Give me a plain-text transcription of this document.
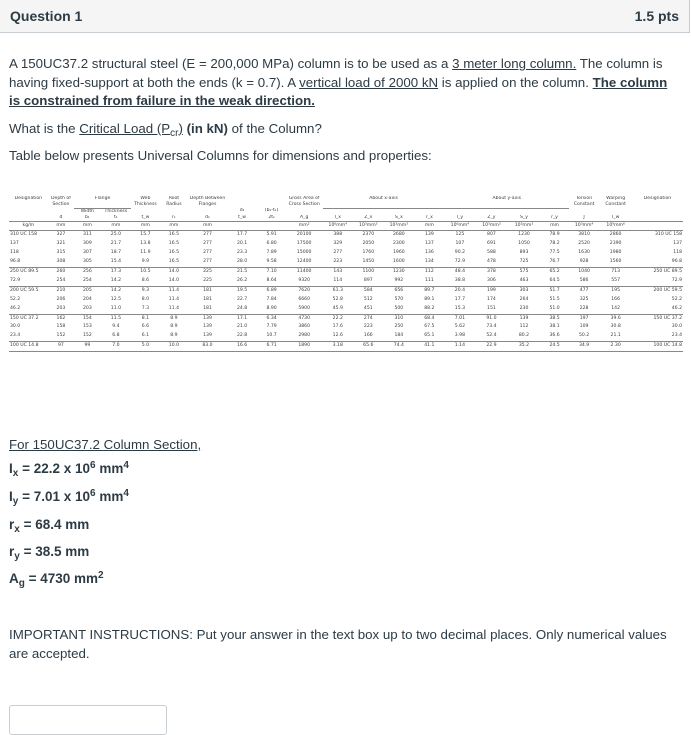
Question 1	1.5 pts

A 150UC37.2 structural steel (E = 200,000 MPa) column is to be used as a 3 meter long column. The column is having fixed-support at both the ends (k = 0.7). A vertical load of 2000 kN is applied on the column. The column is constrained from failure in the weak direction.

What is the Critical Load $(P_{cr})$ (in kN) of the Column?
Table below presents Universal Columns for dimensions and properties:
Designation	Depth of Section	Flange		Web Thickness	Root Radius	Depth Between Flanges			Gross Area of Cross Section	About x-axis				About y-axis				Torsion Constant	Warping Constant	Designation
		Width	Thickness				d₁	(b₁-t₁)												
	d	b₁	t₁	t_w	r₁	d₁	t_w	2t₁	A_g	I_x	Z_x	S_x	r_x	I_y	Z_y	S_y	r_y	J	I_w	
kg/m	mm	mm	mm	mm	mm	mm			mm²	10⁶mm⁴	10³mm³	10³mm³	mm	10⁶mm⁴	10³mm³	10³mm³	mm	10³mm⁴	10⁹mm⁶	
310 UC 158	327	311	25.0	15.7	16.5	277	17.7	5.91	20100	388	2370	2680	139	125	807	1230	78.9	3810	2860	310 UC 158
137	321	309	21.7	13.8	16.5	277	20.1	6.80	17500	329	2050	2300	137	107	691	1050	78.2	2520	2390	137
118	315	307	18.7	11.9	16.5	277	23.3	7.89	15000	277	1760	1960	136	90.2	588	893	77.5	1630	1980	118
96.8	308	305	15.4	9.9	16.5	277	28.0	9.58	12400	223	1450	1600	134	72.9	478	725	76.7	928	1560	96.8
250 UC 89.5	260	256	17.3	10.5	14.0	225	21.5	7.10	11400	143	1100	1230	112	48.4	378	575	65.2	1040	713	250 UC 89.5
72.9	254	254	14.2	8.6	14.0	225	26.2	8.64	9320	114	897	992	111	38.8	306	463	64.5	586	557	72.9
200 UC 59.5	210	205	14.2	9.3	11.4	181	19.5	6.89	7620	61.3	584	656	89.7	20.4	199	303	51.7	477	195	200 UC 59.5
52.2	206	204	12.5	8.0	11.4	181	22.7	7.84	6660	52.8	512	570	89.1	17.7	174	264	51.5	325	166	52.2
46.2	203	203	11.0	7.3	11.4	181	24.8	8.90	5900	45.9	451	500	88.2	15.3	151	230	51.0	228	142	46.2
150 UC 37.2	162	154	11.5	8.1	8.9	139	17.1	6.34	4730	22.2	274	310	68.4	7.01	91.0	139	38.5	197	39.6	150 UC 37.2
30.0	158	153	9.4	6.6	8.9	139	21.0	7.79	3860	17.6	223	250	67.5	5.62	73.4	112	38.1	109	30.8	30.0
23.4	152	152	6.8	6.1	8.9	139	22.8	10.7	2980	12.6	166	184	65.1	3.98	52.4	80.2	36.6	50.2	21.1	23.4
100 UC 14.8	97	99	7.0	5.0	10.0	83.0	16.6	6.71	1890	3.18	65.6	74.4	41.1	1.14	22.9	35.2	24.5	34.9	2.30	100 UC 14.8
For 150UC37.2 Column Section,
$I_x = 22.2$ x $10^6$ $mm^4$
$I_y = 7.01$ x $10^6$ $mm^4$
$r_x = 68.4$ mm
$r_y = 38.5$ mm
$A_g = 4730$ $mm^2$
IMPORTANT INSTRUCTIONS: Put your answer in the text box up to two decimal places. Only numerical values are accepted.
